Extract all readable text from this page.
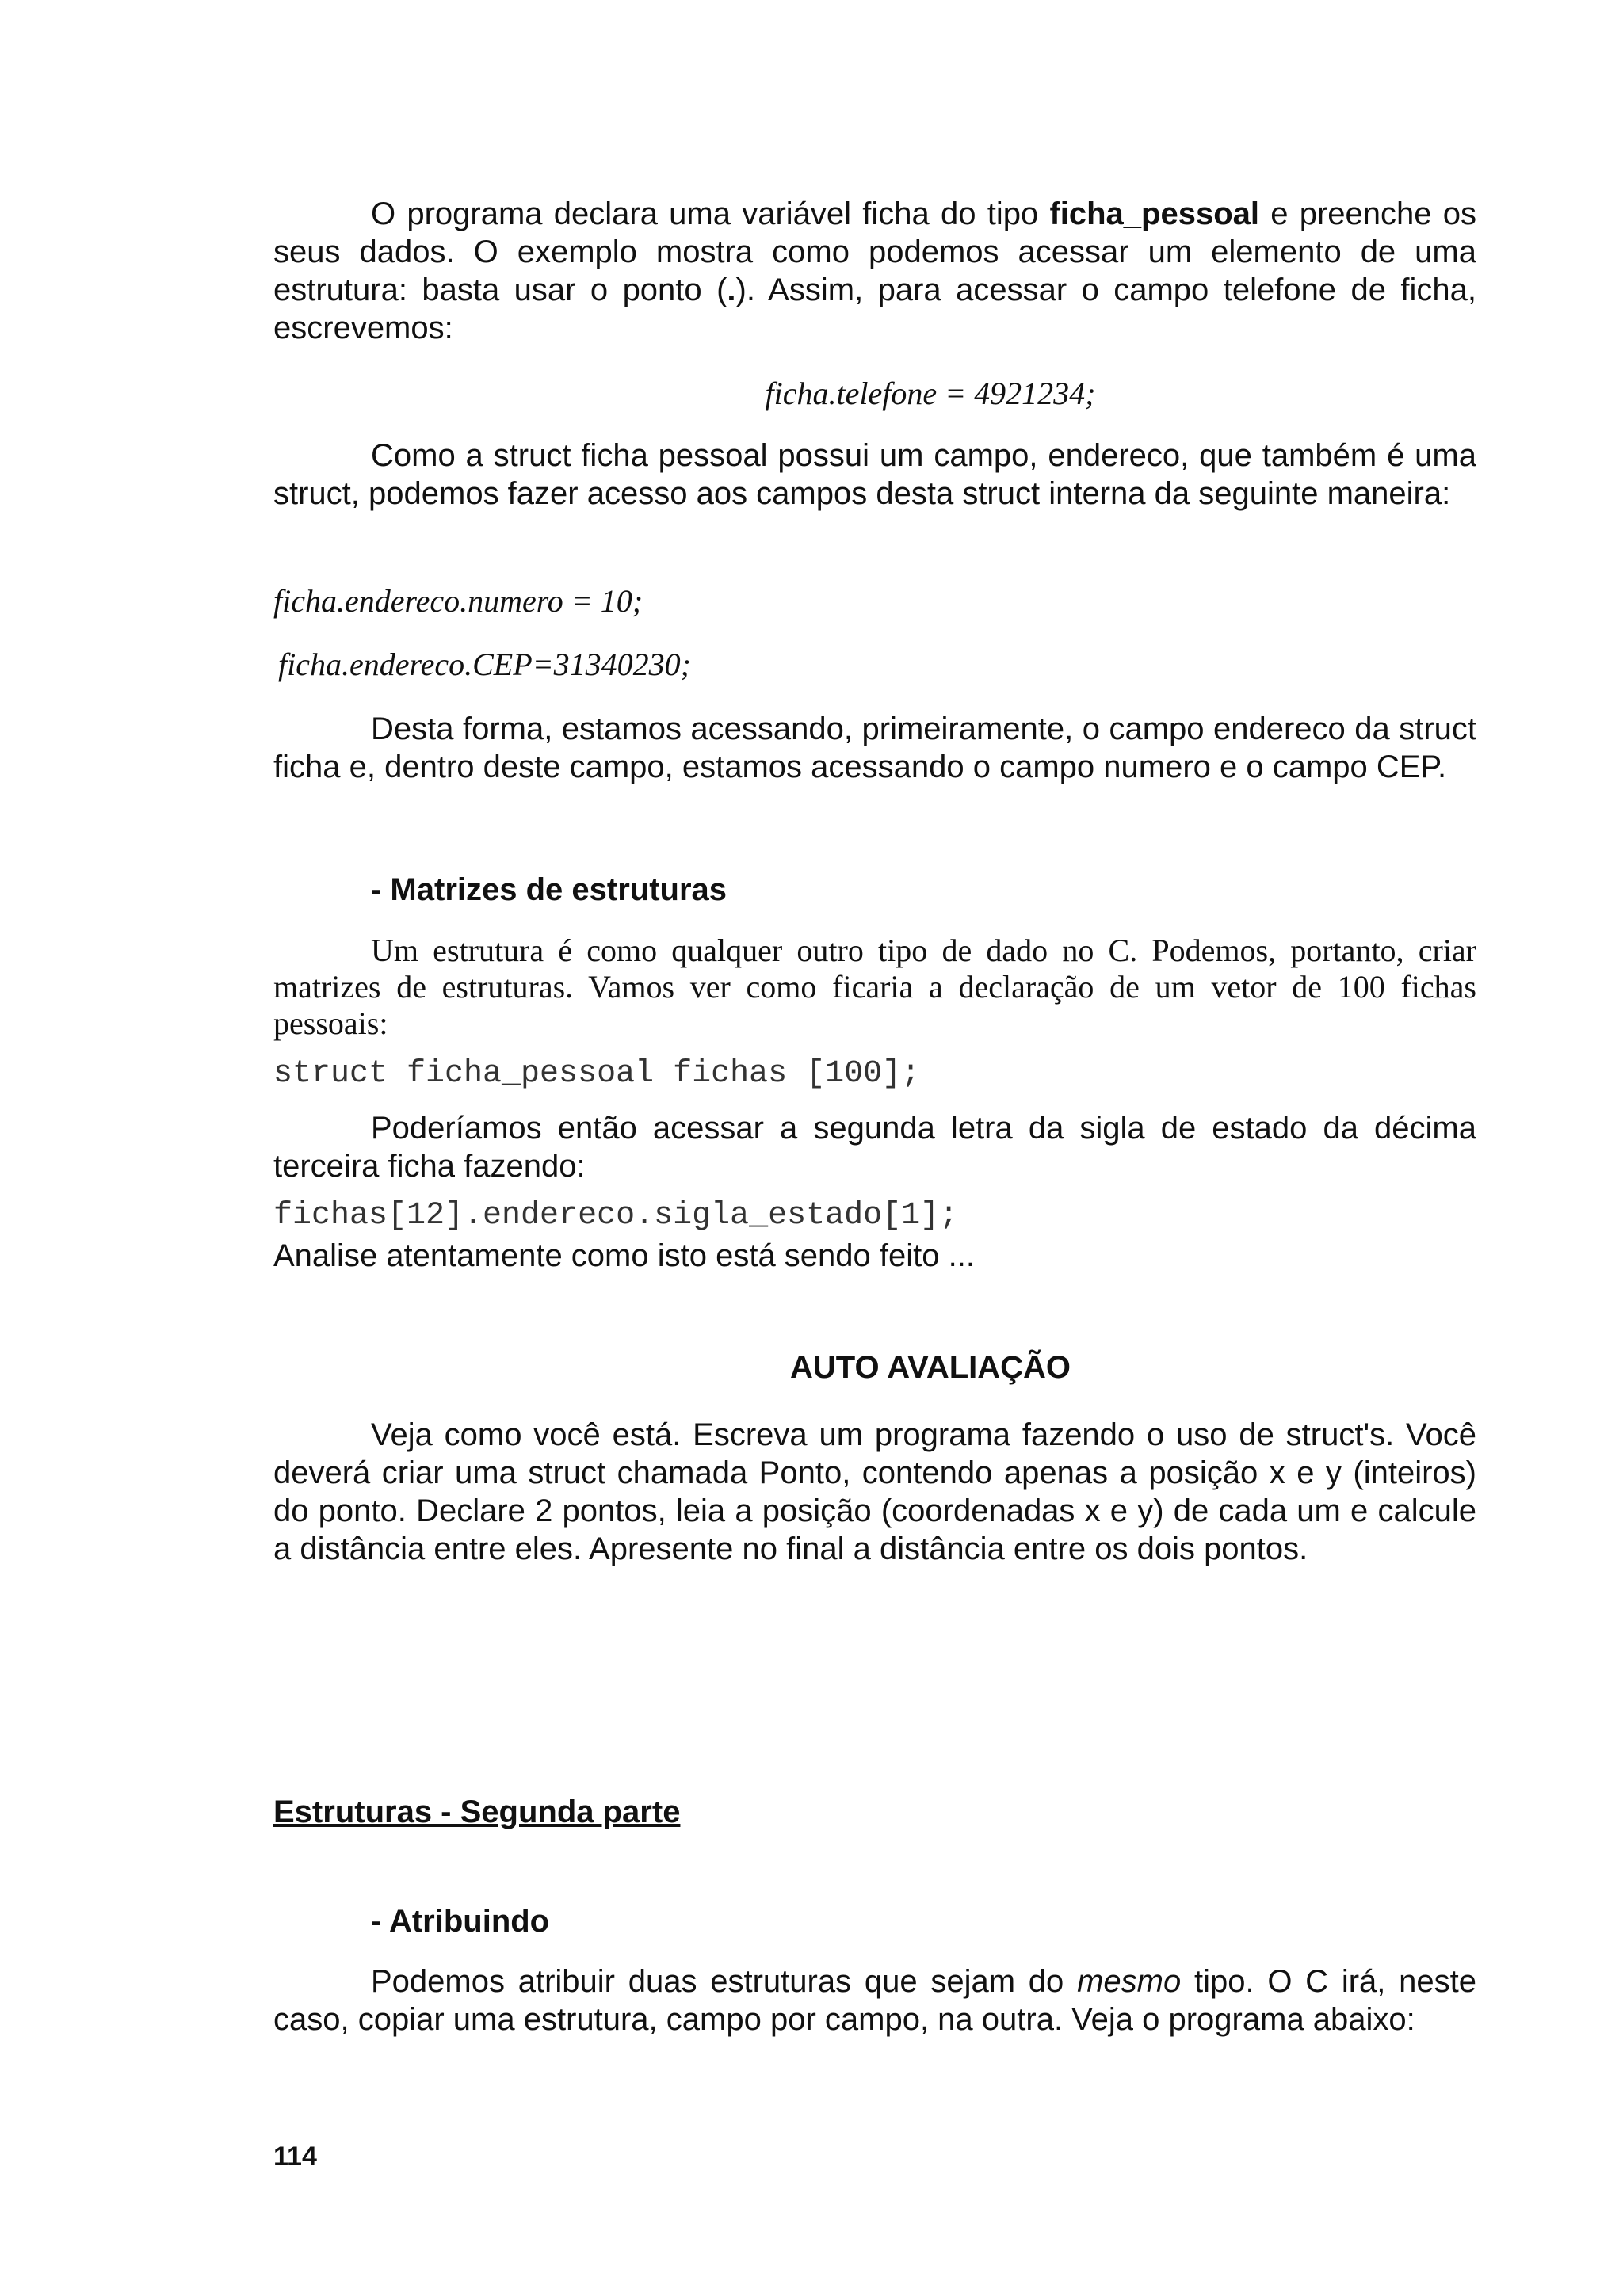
O programa declara uma variável ficha do tipo ficha_pessoal e preenche os seus dados. O exemplo mostra como podemos acessar um elemento de uma estrutura: basta usar o ponto (.). Assim, para acessar o campo telefone de ficha, escrevemos:

ficha.telefone = 4921234;

Como a struct ficha pessoal possui um campo, endereco, que também é uma struct, podemos fazer acesso aos campos desta struct interna da seguinte maneira:

ficha.endereco.numero = 10;
ficha.endereco.CEP=31340230;

Desta forma, estamos acessando, primeiramente, o campo endereco da struct ficha e, dentro deste campo, estamos acessando o campo numero e o campo CEP.

- Matrizes de estruturas

Um estrutura é como qualquer outro tipo de dado no C. Podemos, portanto, criar matrizes de estruturas. Vamos ver como ficaria a declaração de um vetor de 100 fichas pessoais:

struct ficha_pessoal fichas [100];

Poderíamos então acessar a segunda letra da sigla de estado da décima terceira ficha fazendo:

fichas[12].endereco.sigla_estado[1];
Analise atentamente como isto está sendo feito ...
AUTO AVALIAÇÃO

Veja como você está. Escreva um programa fazendo o uso de struct's. Você deverá criar uma struct chamada Ponto, contendo apenas a posição x e y (inteiros) do ponto. Declare 2 pontos, leia a posição (coordenadas x e y) de cada um e calcule a distância entre eles. Apresente no final a distância entre os dois pontos.

Estruturas - Segunda parte
- Atribuindo

Podemos atribuir duas estruturas que sejam do mesmo tipo. O C irá, neste caso, copiar uma estrutura, campo por campo, na outra. Veja o programa abaixo:

114
